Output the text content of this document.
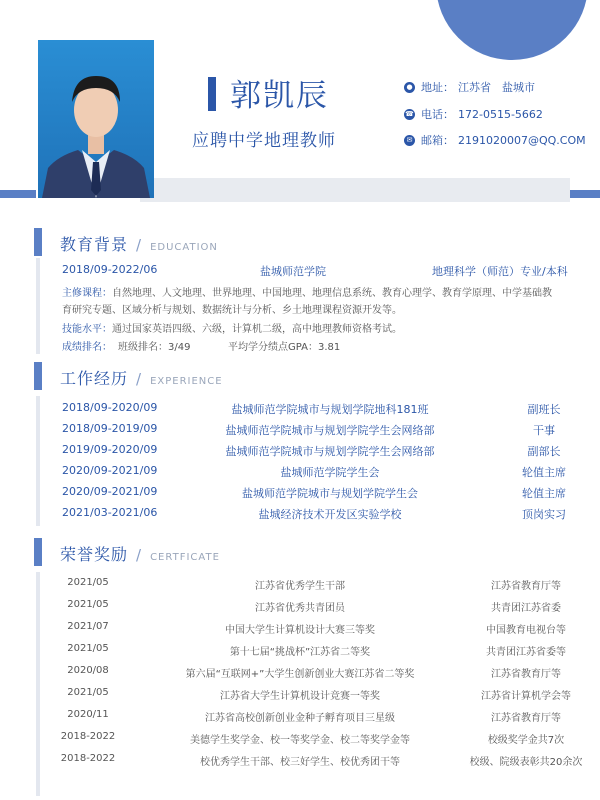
郭凯辰
应聘中学地理教师
● 地址： 江苏省　盐城市
☎ 电话： 172-0515-5662
✉ 邮箱： 2191020007@QQ.COM
教育背景 / EDUCATION
2018/09-2022/06	盐城师范学院	地理科学（师范）专业/本科
主修课程：自然地理、人文地理、世界地理、中国地理、地理信息系统、教育心理学、教育学原理、中学基础教
育研究专题、区域分析与规划、数据统计与分析、乡土地理课程资源开发等。
技能水平：通过国家英语四级、六级，计算机二级，高中地理教师资格考试。
成绩排名： 班级排名：3/49	平均学分绩点GPA：3.81
工作经历 / EXPERIENCE
2018/09-2020/09	盐城师范学院城市与规划学院地科181班	副班长
2018/09-2019/09	盐城师范学院城市与规划学院学生会网络部	干事
2019/09-2020/09	盐城师范学院城市与规划学院学生会网络部	副部长
2020/09-2021/09	盐城师范学院学生会	轮值主席
2020/09-2021/09	盐城师范学院城市与规划学院学生会	轮值主席
2021/03-2021/06	盐城经济技术开发区实验学校	顶岗实习
荣誉奖励 / CERTFICATE
2021/05	江苏省优秀学生干部	江苏省教育厅等
2021/05	江苏省优秀共青团员	共青团江苏省委
2021/07	中国大学生计算机设计大赛三等奖	中国教育电视台等
2021/05	第十七届“挑战杯”江苏省二等奖	共青团江苏省委等
2020/08	第六届“互联网+”大学生创新创业大赛江苏省二等奖	江苏省教育厅等
2021/05	江苏省大学生计算机设计竞赛一等奖	江苏省计算机学会等
2020/11	江苏省高校创新创业金种子孵育项目三星级	江苏省教育厅等
2018-2022	美德学生奖学金、校一等奖学金、校二等奖学金等	校级奖学金共7次
2018-2022	校优秀学生干部、校三好学生、校优秀团干等	校级、院级表彰共20余次
